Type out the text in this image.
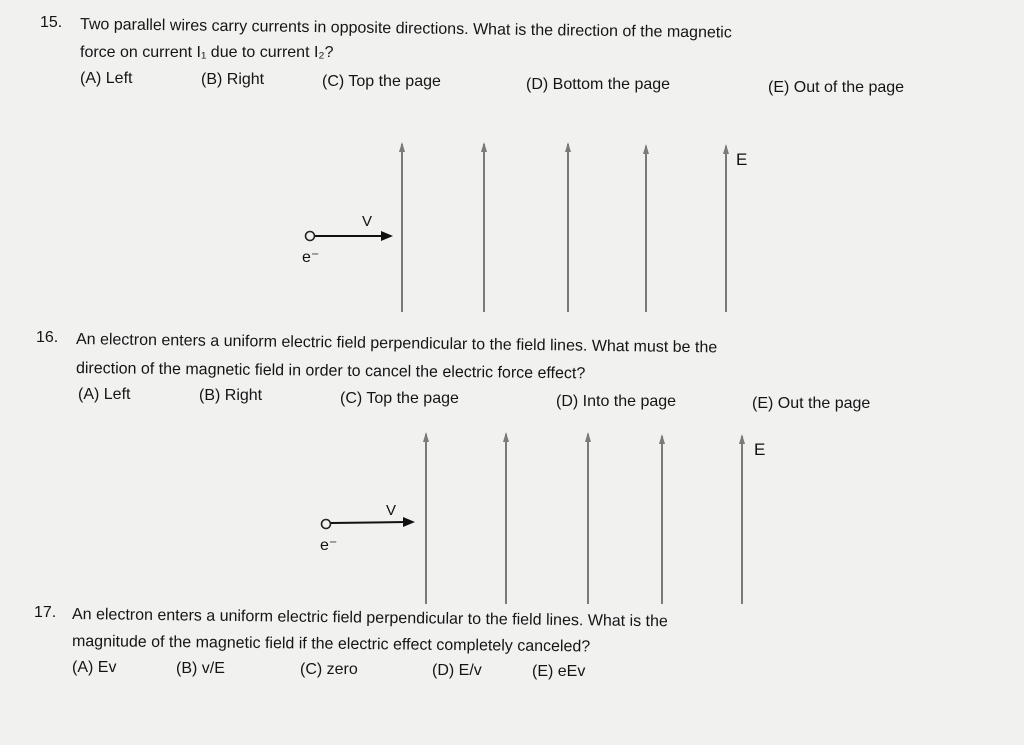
15. Two parallel wires carry currents in opposite directions. What is the direction of the magnetic
force on current I₁ due to current I₂?
(A) Left	(B) Right	(C) Top the page	(D) Bottom the page	(E) Out of the page
16. An electron enters a uniform electric field perpendicular to the field lines. What must be the
direction of the magnetic field in order to cancel the electric force effect?
(A) Left	(B) Right	(C) Top the page	(D) Into the page	(E) Out the page
17. An electron enters a uniform electric field perpendicular to the field lines. What is the
magnitude of the magnetic field if the electric effect completely canceled?
(A) Ev	(B) v/E	(C) zero	(D) E/v	(E) eEv
E
V
e⁻
E
V
e⁻
